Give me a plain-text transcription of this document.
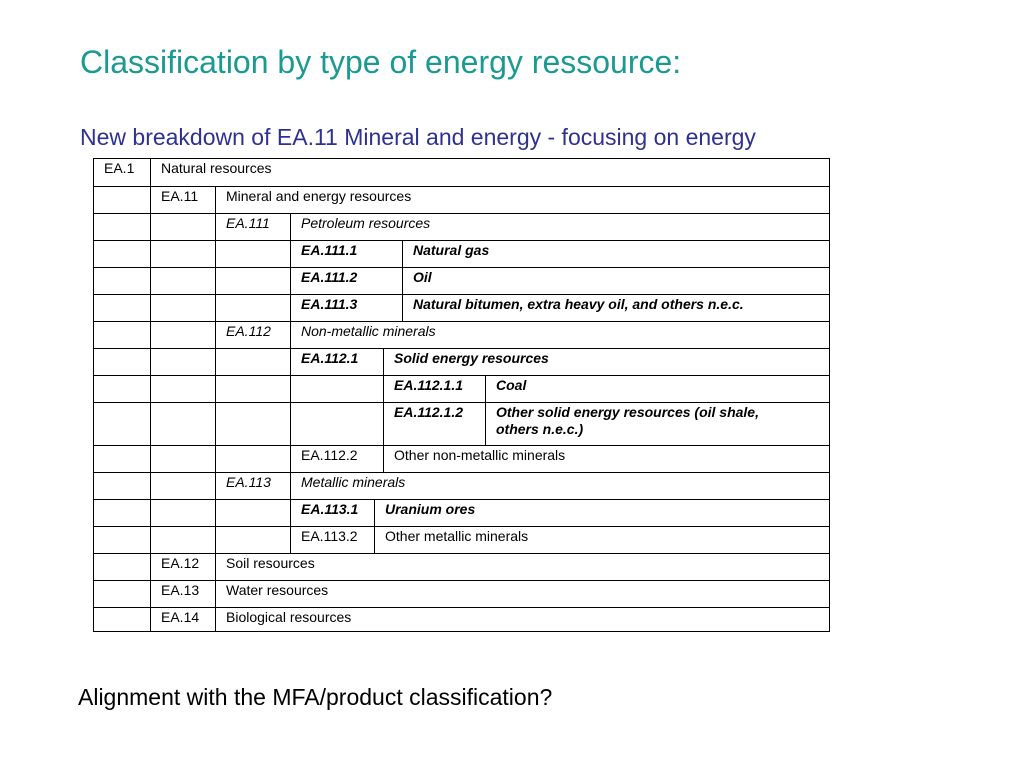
Classification by type of energy ressource:
New breakdown of EA.11 Mineral and energy - focusing on energy
EA.1	Natural resources
EA.11	Mineral and energy resources
EA.111	Petroleum resources
EA.111.1	Natural gas
EA.111.2	Oil
EA.111.3	Natural bitumen, extra heavy oil, and others n.e.c.
EA.112	Non-metallic minerals
EA.112.1	Solid energy resources
EA.112.1.1	Coal
EA.112.1.2	Other solid energy resources (oil shale, others n.e.c.)
EA.112.2	Other non-metallic minerals
EA.113	Metallic minerals
EA.113.1	Uranium ores
EA.113.2	Other metallic minerals
EA.12	Soil resources
EA.13	Water resources
EA.14	Biological resources
Alignment with the MFA/product classification?
